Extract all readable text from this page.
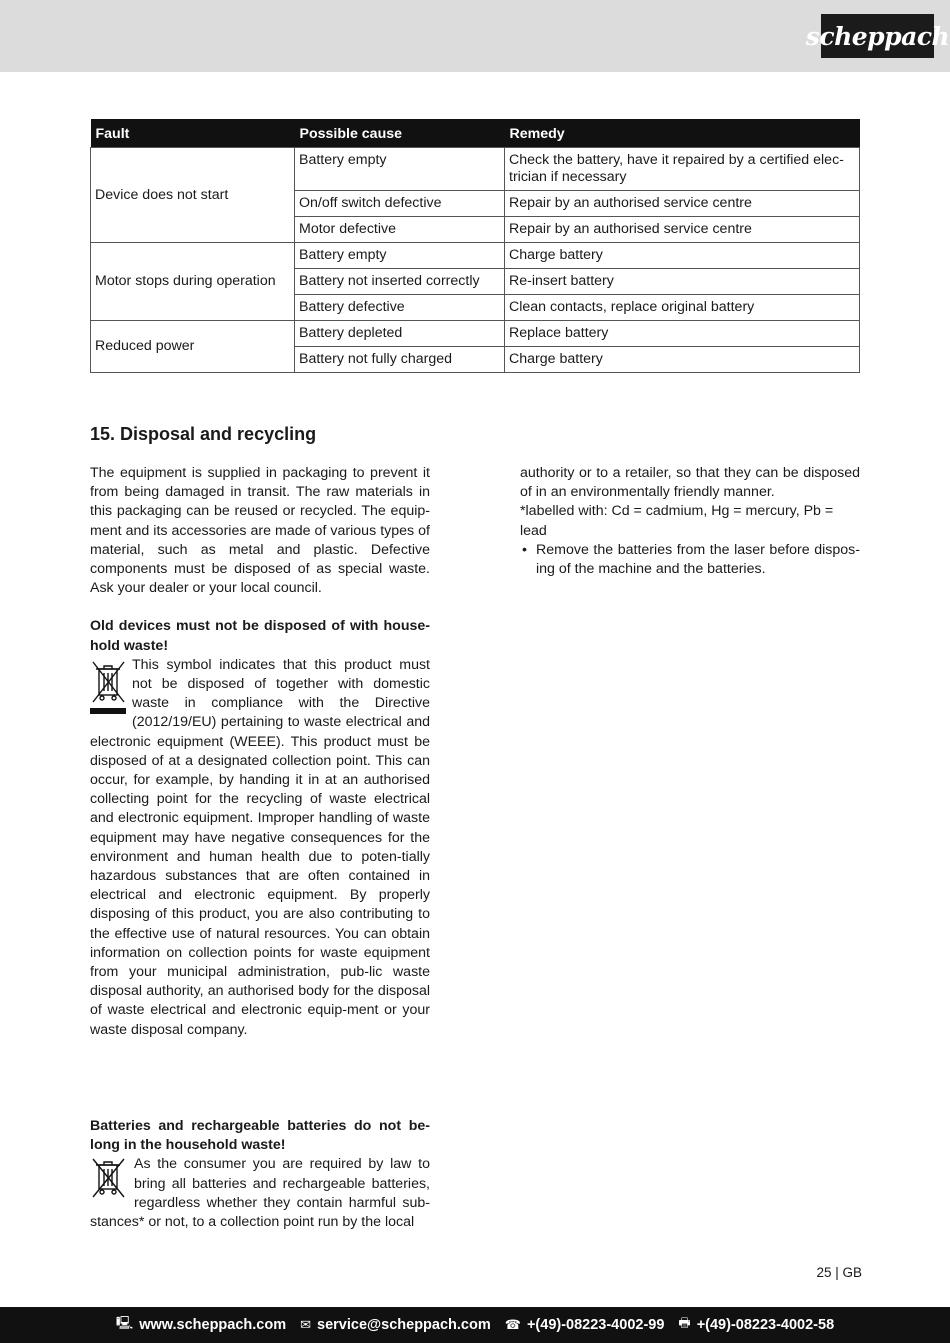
scheppach
Fault	Possible cause	Remedy
Device does not start	Battery empty	Check the battery, have it repaired by a certified elec-
trician if necessary
	On/off switch defective	Repair by an authorised service centre
	Motor defective	Repair by an authorised service centre
Motor stops during operation	Battery empty	Charge battery
	Battery not inserted correctly	Re-insert battery
	Battery defective	Clean contacts, replace original battery
Reduced power	Battery depleted	Replace battery
	Battery not fully charged	Charge battery
15. Disposal and recycling

The equipment is supplied in packaging to prevent it from being damaged in transit. The raw materials in this packaging can be reused or recycled. The equip-ment and its accessories are made of various types of material, such as metal and plastic. Defective components must be disposed of as special waste. Ask your dealer or your local council.

Old devices must not be disposed of with house-hold waste!

This symbol indicates that this product must not be disposed of together with domestic waste in compliance with the Directive (2012/19/EU) pertaining to waste electrical and electronic equipment (WEEE). This product must be disposed of at a designated collection point. This can occur, for example, by handing it in at an authorised collecting point for the recycling of waste electrical and electronic equipment. Improper handling of waste equipment may have negative consequences for the environment and human health due to poten-tially hazardous substances that are often contained in electrical and electronic equipment. By properly disposing of this product, you are also contributing to the effective use of natural resources. You can obtain information on collection points for waste equipment from your municipal administration, pub-lic waste disposal authority, an authorised body for the disposal of waste electrical and electronic equip-ment or your waste disposal company.

Batteries and rechargeable batteries do not be-long in the household waste!

As the consumer you are required by law to bring all batteries and rechargeable batteries, regardless whether they contain harmful sub-stances* or not, to a collection point run by the local

authority or to a retailer, so that they can be disposed of in an environmentally friendly manner.

*labelled with: Cd = cadmium, Hg = mercury, Pb = lead

• Remove the batteries from the laser before dispos-ing of the machine and the batteries.
25 | GB
🖳 www.scheppach.com ✉ service@scheppach.com ☎ +(49)-08223-4002-99 🖶 +(49)-08223-4002-58
